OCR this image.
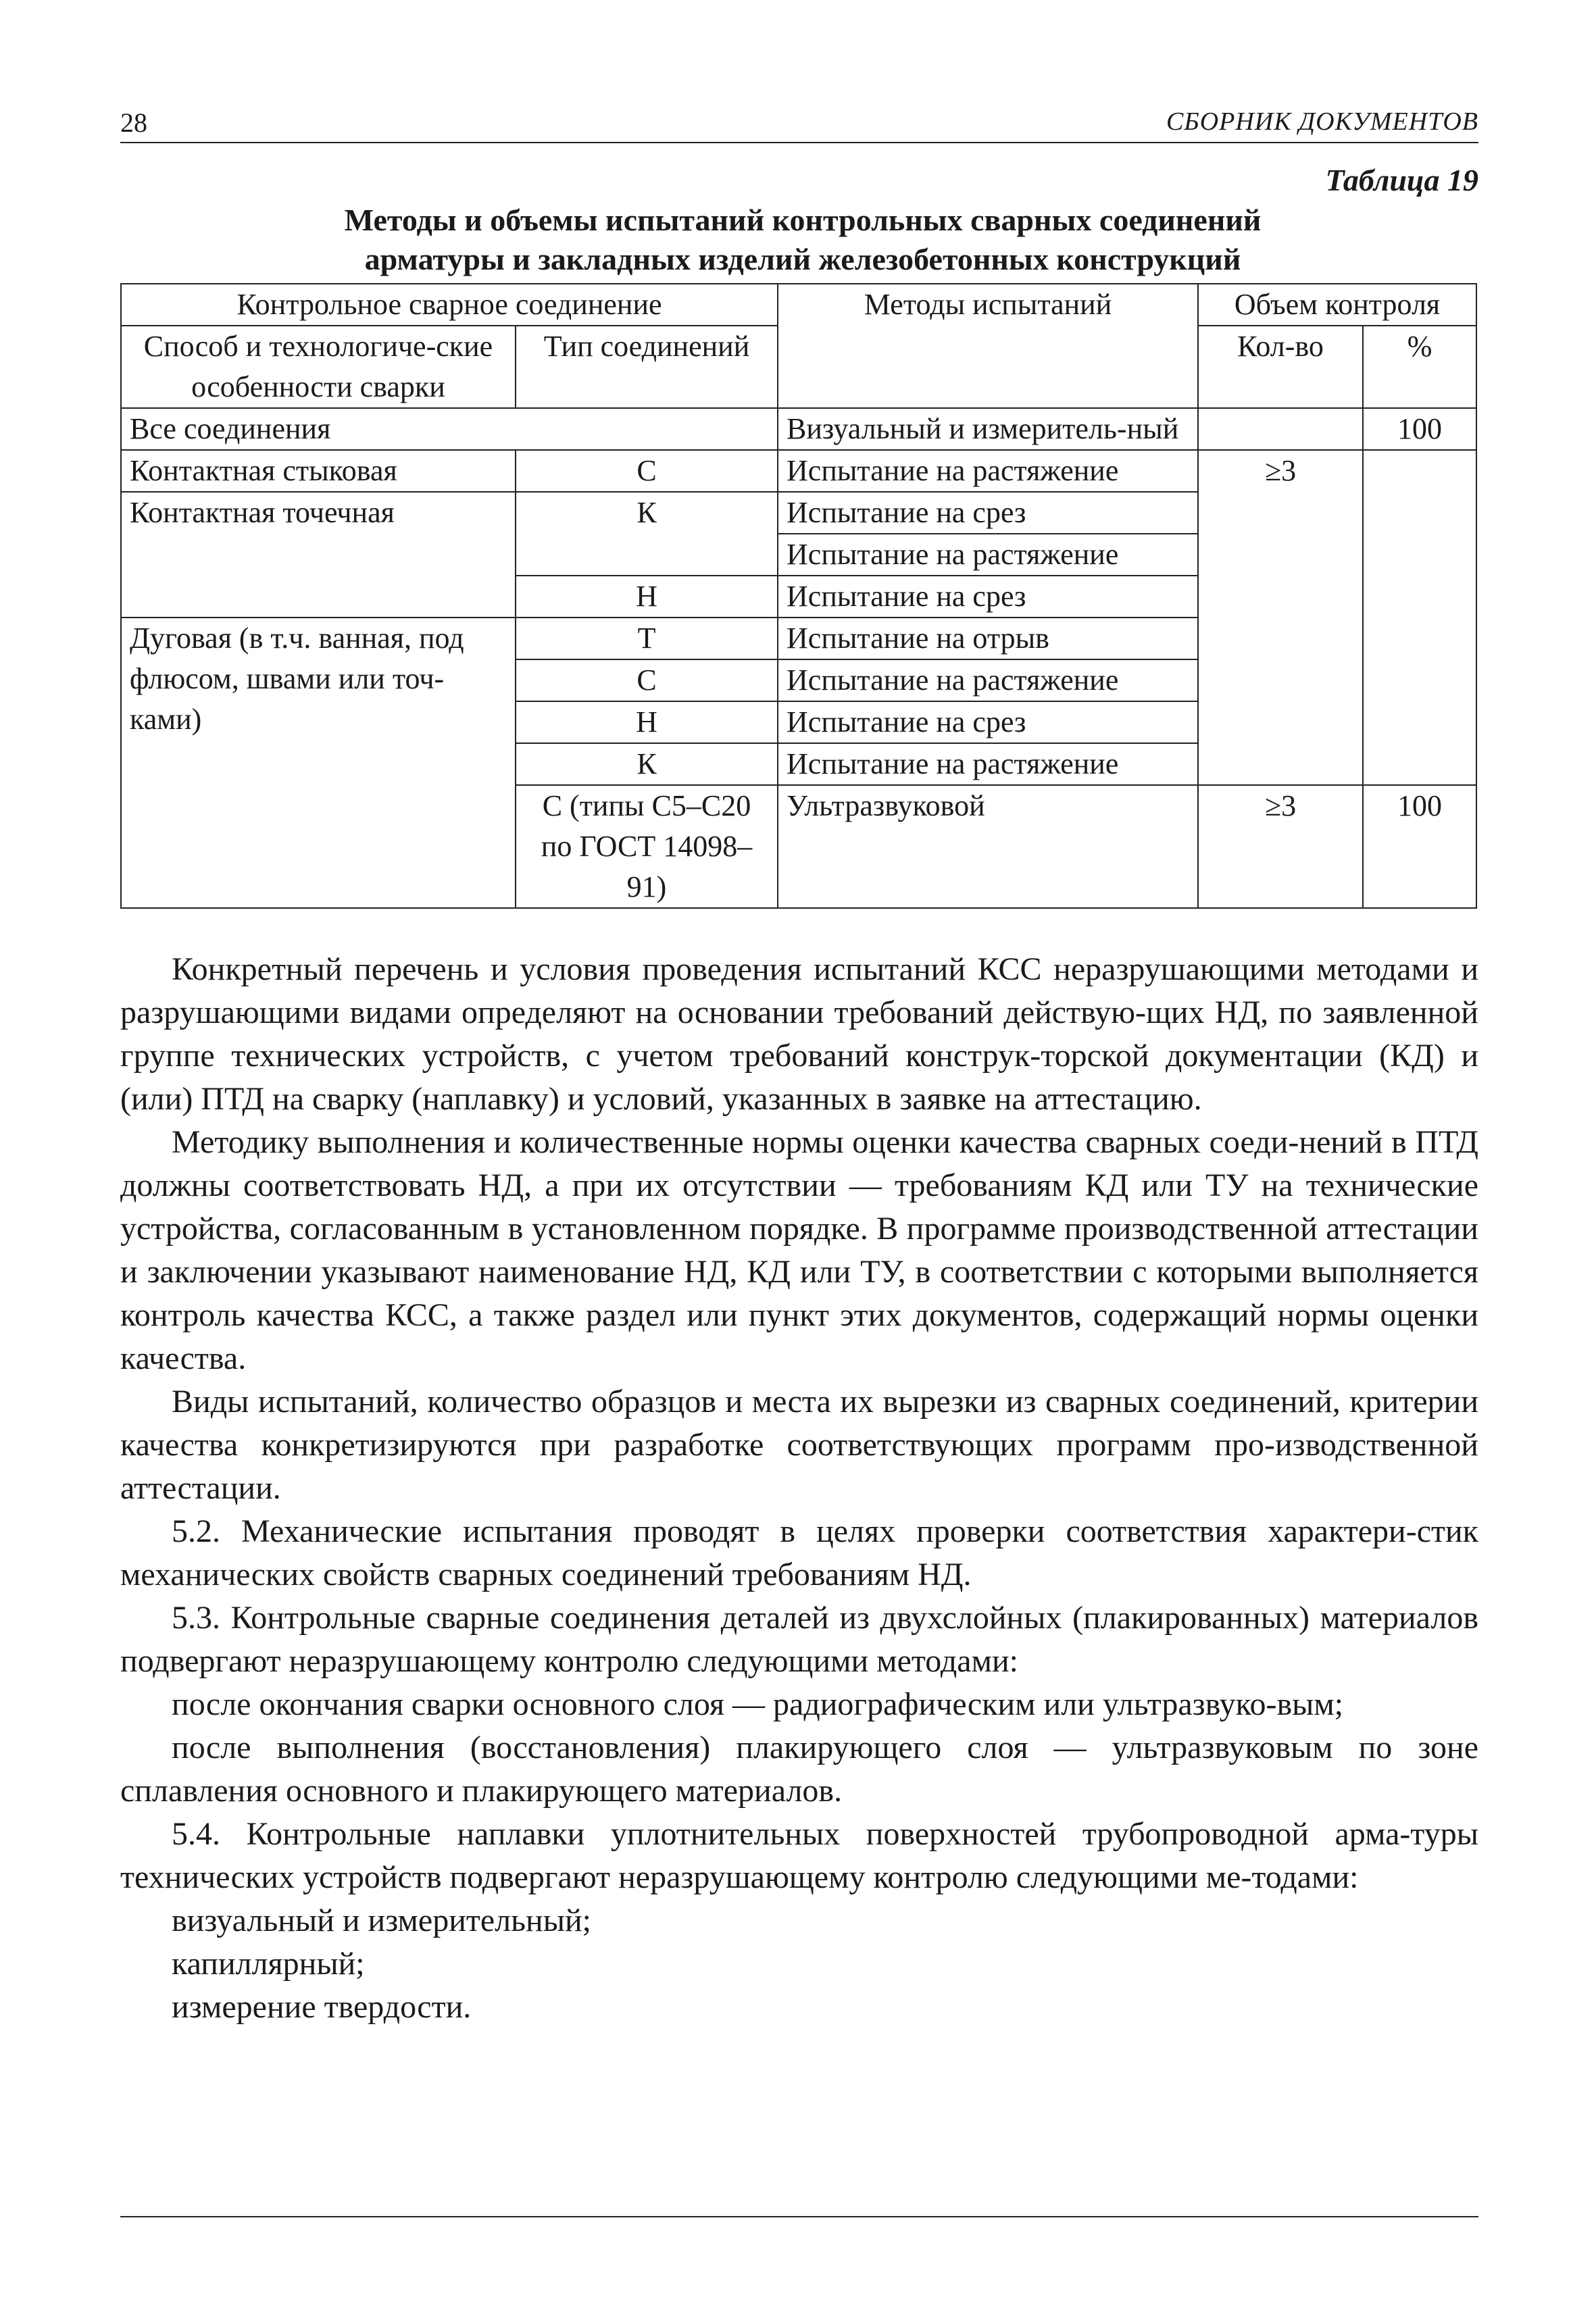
28	СБОРНИК ДОКУМЕНТОВ
Таблица 19
Методы и объемы испытаний контрольных сварных соединений
арматуры и закладных изделий железобетонных конструкций
Контрольное сварное соединение		Методы испытаний	Объем контроля	
Способ и технологиче-ские особенности сварки	Тип соединений		Кол-во	%
Все соединения		Визуальный и измеритель-ный		100
Контактная стыковая	С	Испытание на растяжение	≥3	
Контактная точечная	К	Испытание на срез		
		Испытание на растяжение		
	Н	Испытание на срез		
Дуговая (в т.ч. ванная, под флюсом, швами или точ-ками)	Т	Испытание на отрыв		
	С	Испытание на растяжение		
	Н	Испытание на срез		
	К	Испытание на растяжение		
	С (типы С5–С20 по ГОСТ 14098–91)	Ультразвуковой	≥3	100

Конкретный перечень и условия проведения испытаний КСС неразрушающими методами и разрушающими видами определяют на основании требований действую-щих НД, по заявленной группе технических устройств, с учетом требований конструк-торской документации (КД) и (или) ПТД на сварку (наплавку) и условий, указанных в заявке на аттестацию.

Методику выполнения и количественные нормы оценки качества сварных соеди-нений в ПТД должны соответствовать НД, а при их отсутствии — требованиям КД или ТУ на технические устройства, согласованным в установленном порядке. В программе производственной аттестации и заключении указывают наименование НД, КД или ТУ, в соответствии с которыми выполняется контроль качества КСС, а также раздел или пункт этих документов, содержащий нормы оценки качества.

Виды испытаний, количество образцов и места их вырезки из сварных соединений, критерии качества конкретизируются при разработке соответствующих программ про-изводственной аттестации.

5.2. Механические испытания проводят в целях проверки соответствия характери-стик механических свойств сварных соединений требованиям НД.

5.3. Контрольные сварные соединения деталей из двухслойных (плакированных) материалов подвергают неразрушающему контролю следующими методами:

после окончания сварки основного слоя — радиографическим или ультразвуко-вым;

после выполнения (восстановления) плакирующего слоя — ультразвуковым по зоне сплавления основного и плакирующего материалов.

5.4. Контрольные наплавки уплотнительных поверхностей трубопроводной арма-туры технических устройств подвергают неразрушающему контролю следующими ме-тодами:

визуальный и измерительный;

капиллярный;

измерение твердости.
